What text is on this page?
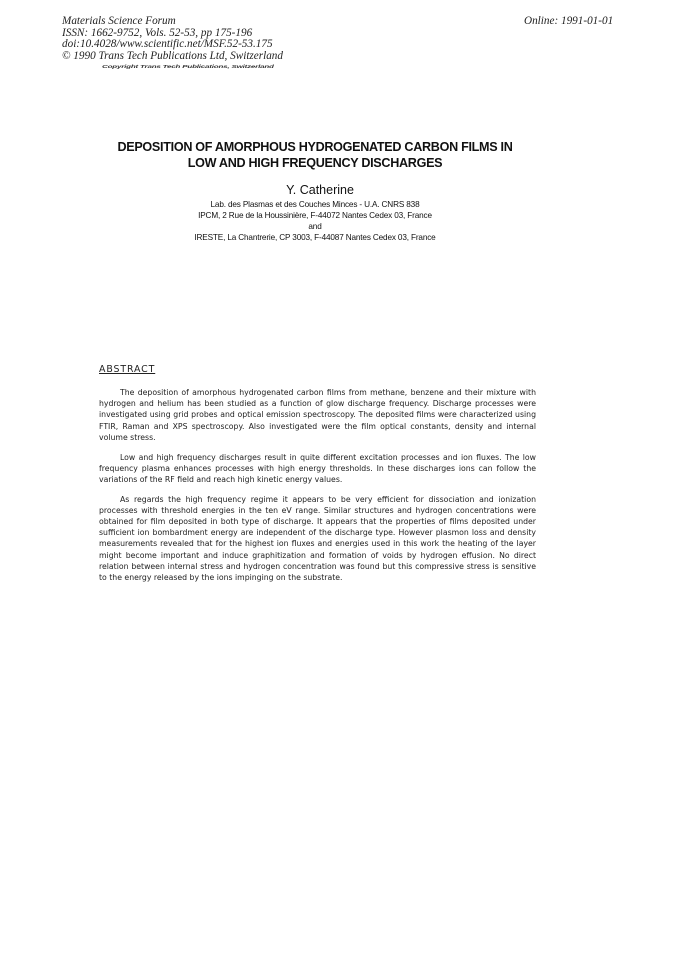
Materials Science Forum
ISSN: 1662-9752, Vols. 52-53, pp 175-196
doi:10.4028/www.scientific.net/MSF.52-53.175
© 1990 Trans Tech Publications Ltd, Switzerland
Online: 1991-01-01
Copyright Trans Tech Publications, Switzerland
DEPOSITION OF AMORPHOUS HYDROGENATED CARBON FILMS IN
LOW AND HIGH FREQUENCY DISCHARGES
Y. Catherine
Lab. des Plasmas et des Couches Minces - U.A. CNRS 838
IPCM, 2 Rue de la Houssinière, F-44072 Nantes Cedex 03, France
and
IRESTE, La Chantrerie, CP 3003, F-44087 Nantes Cedex 03, France
ABSTRACT

The deposition of amorphous hydrogenated carbon films from methane, benzene and their mixture with hydrogen and helium has been studied as a function of glow discharge frequency. Discharge processes were investigated using grid probes and optical emission spectroscopy. The deposited films were characterized using FTIR, Raman and XPS spectroscopy. Also investigated were the film optical constants, density and internal volume stress.

Low and high frequency discharges result in quite different excitation processes and ion fluxes. The low frequency plasma enhances processes with high energy thresholds. In these discharges ions can follow the variations of the RF field and reach high kinetic energy values.

As regards the high frequency regime it appears to be very efficient for dissociation and ionization processes with threshold energies in the ten eV range. Similar structures and hydrogen concentrations were obtained for film deposited in both type of discharge. It appears that the properties of films deposited under sufficient ion bombardment energy are independent of the discharge type. However plasmon loss and density measurements revealed that for the highest ion fluxes and energies used in this work the heating of the layer might become important and induce graphitization and formation of voids by hydrogen effusion. No direct relation between internal stress and hydrogen concentration was found but this compressive stress is sensitive to the energy released by the ions impinging on the substrate.
